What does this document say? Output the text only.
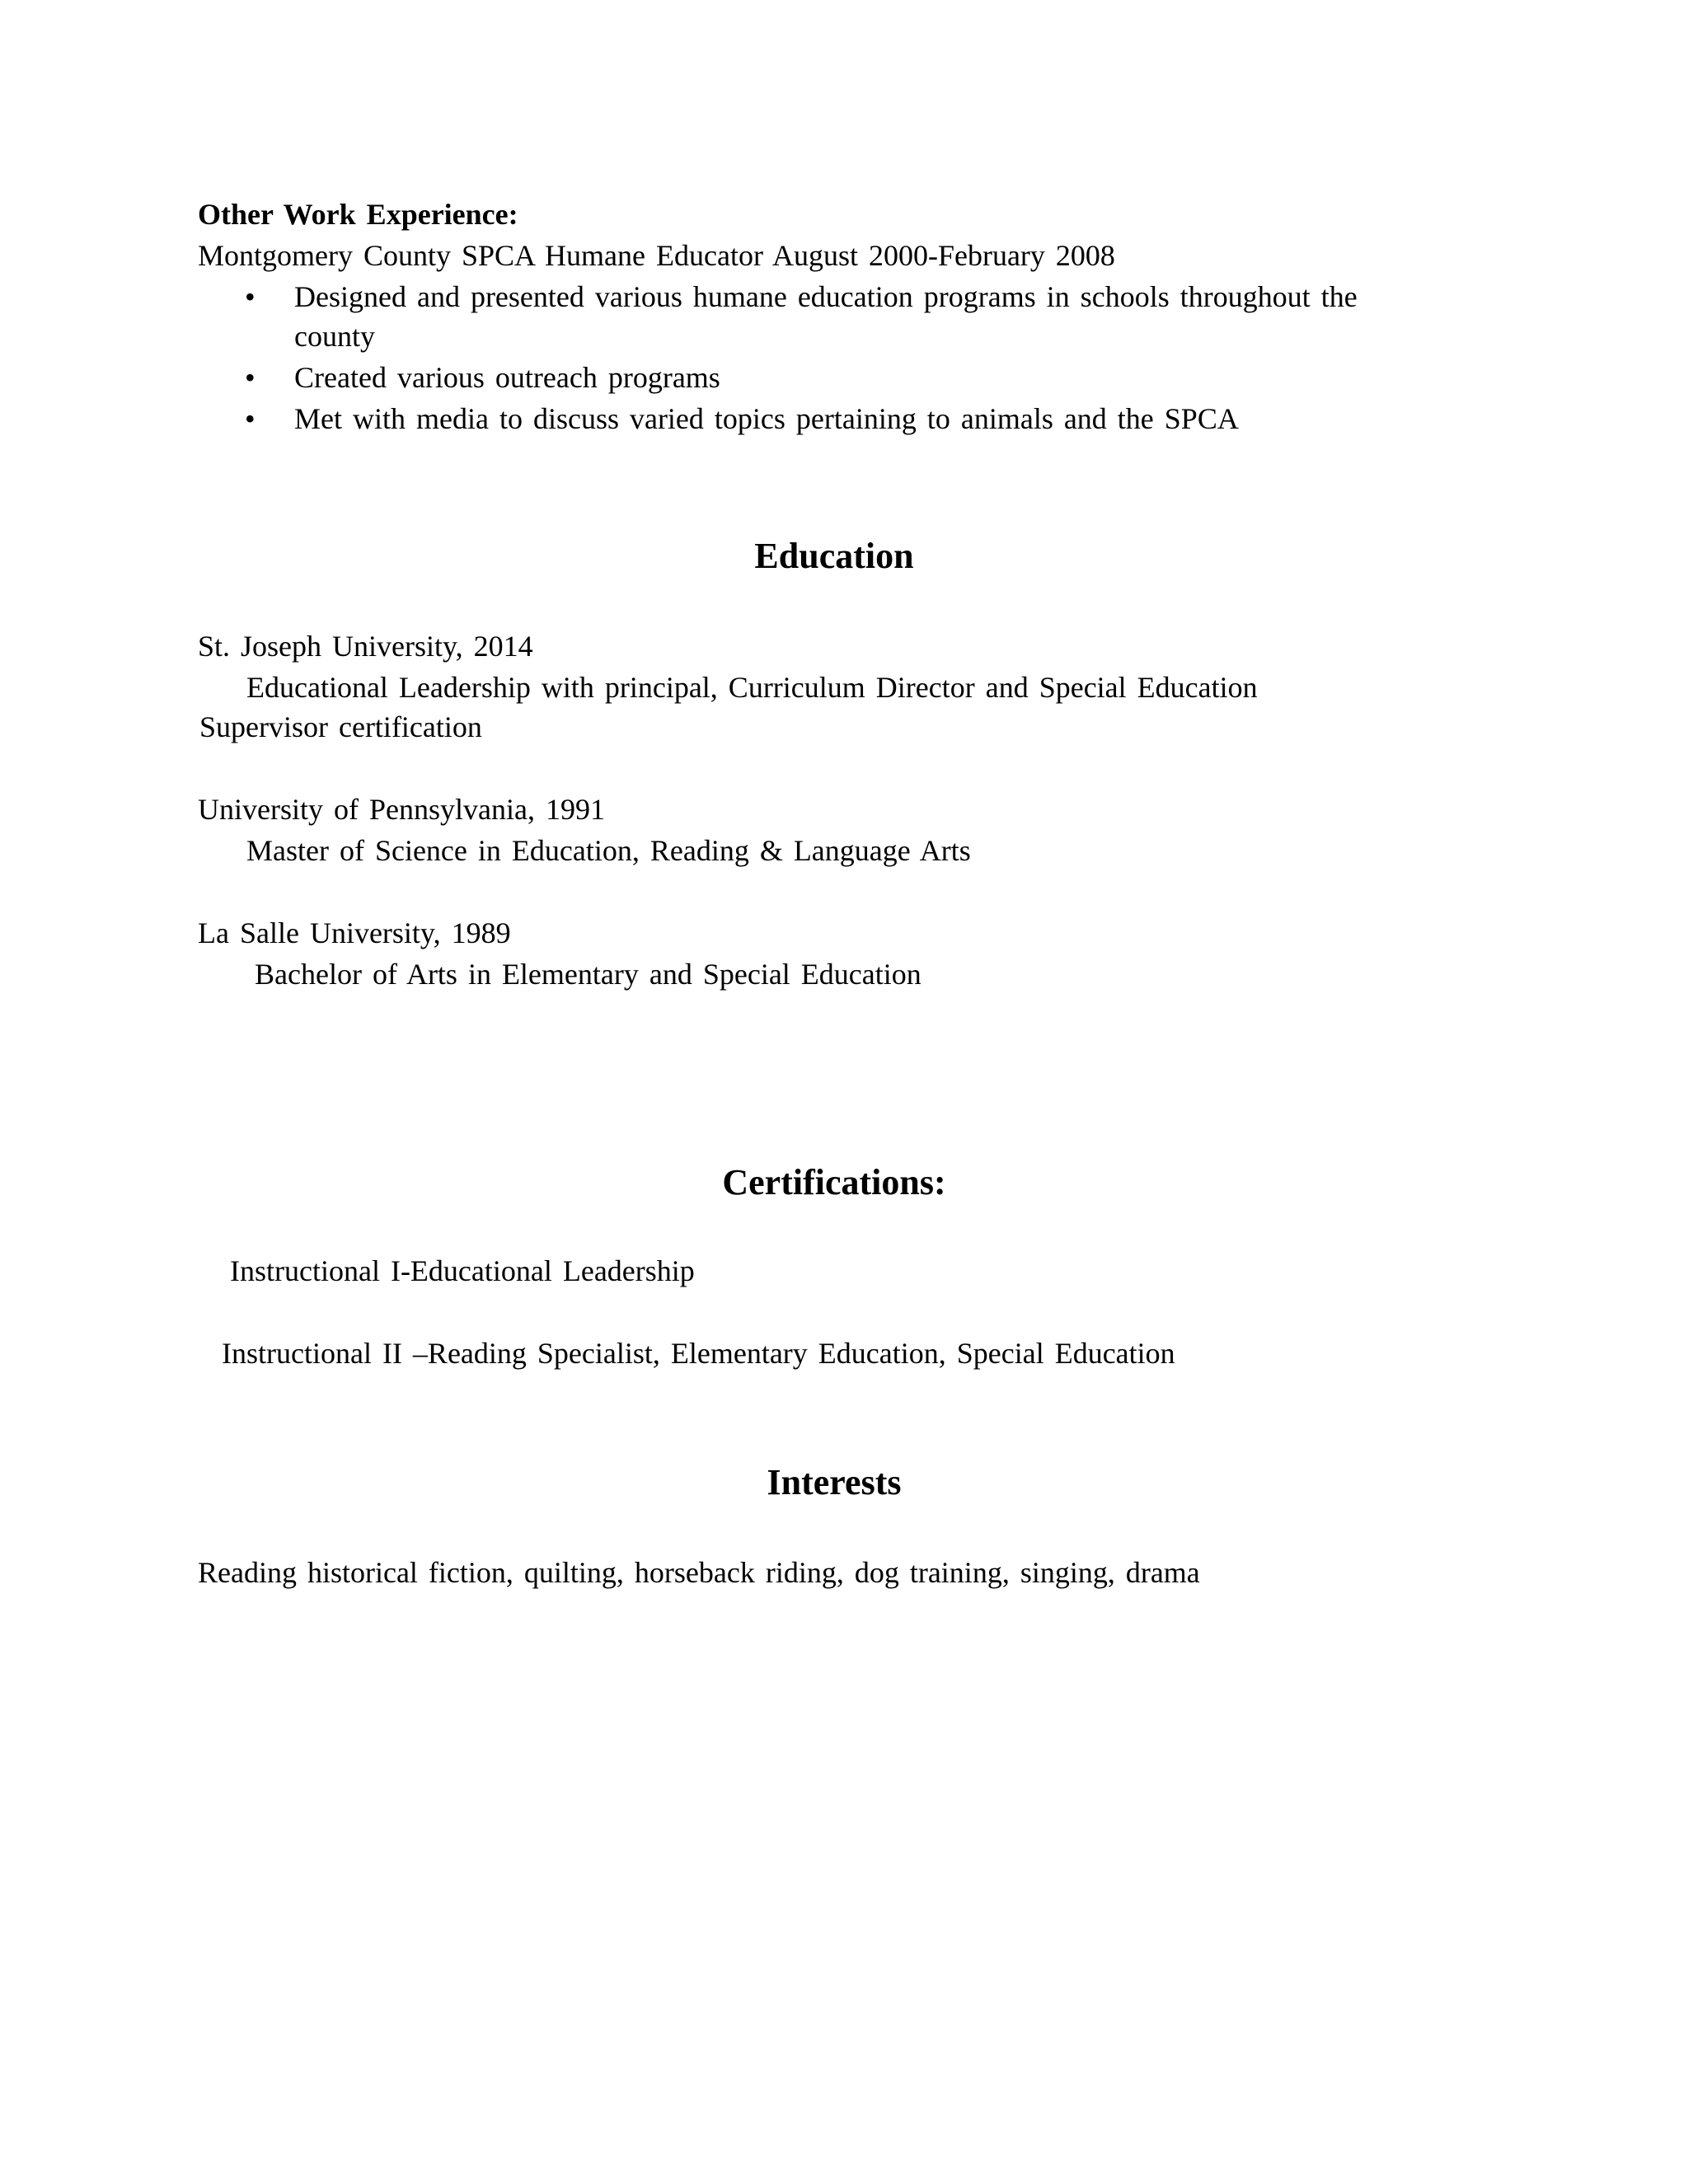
Other Work Experience:
Montgomery County SPCA Humane Educator August 2000-February 2008
• Designed and presented various humane education programs in schools throughout the
county
• Created various outreach programs
• Met with media to discuss varied topics pertaining to animals and the SPCA
Education
St. Joseph University, 2014
Educational Leadership with principal, Curriculum Director and Special Education
Supervisor certification
University of Pennsylvania, 1991
Master of Science in Education, Reading & Language Arts
La Salle University, 1989
Bachelor of Arts in Elementary and Special Education
Certifications:
Instructional I-Educational Leadership
Instructional II –Reading Specialist, Elementary Education, Special Education
Interests
Reading historical fiction, quilting, horseback riding, dog training, singing, drama
